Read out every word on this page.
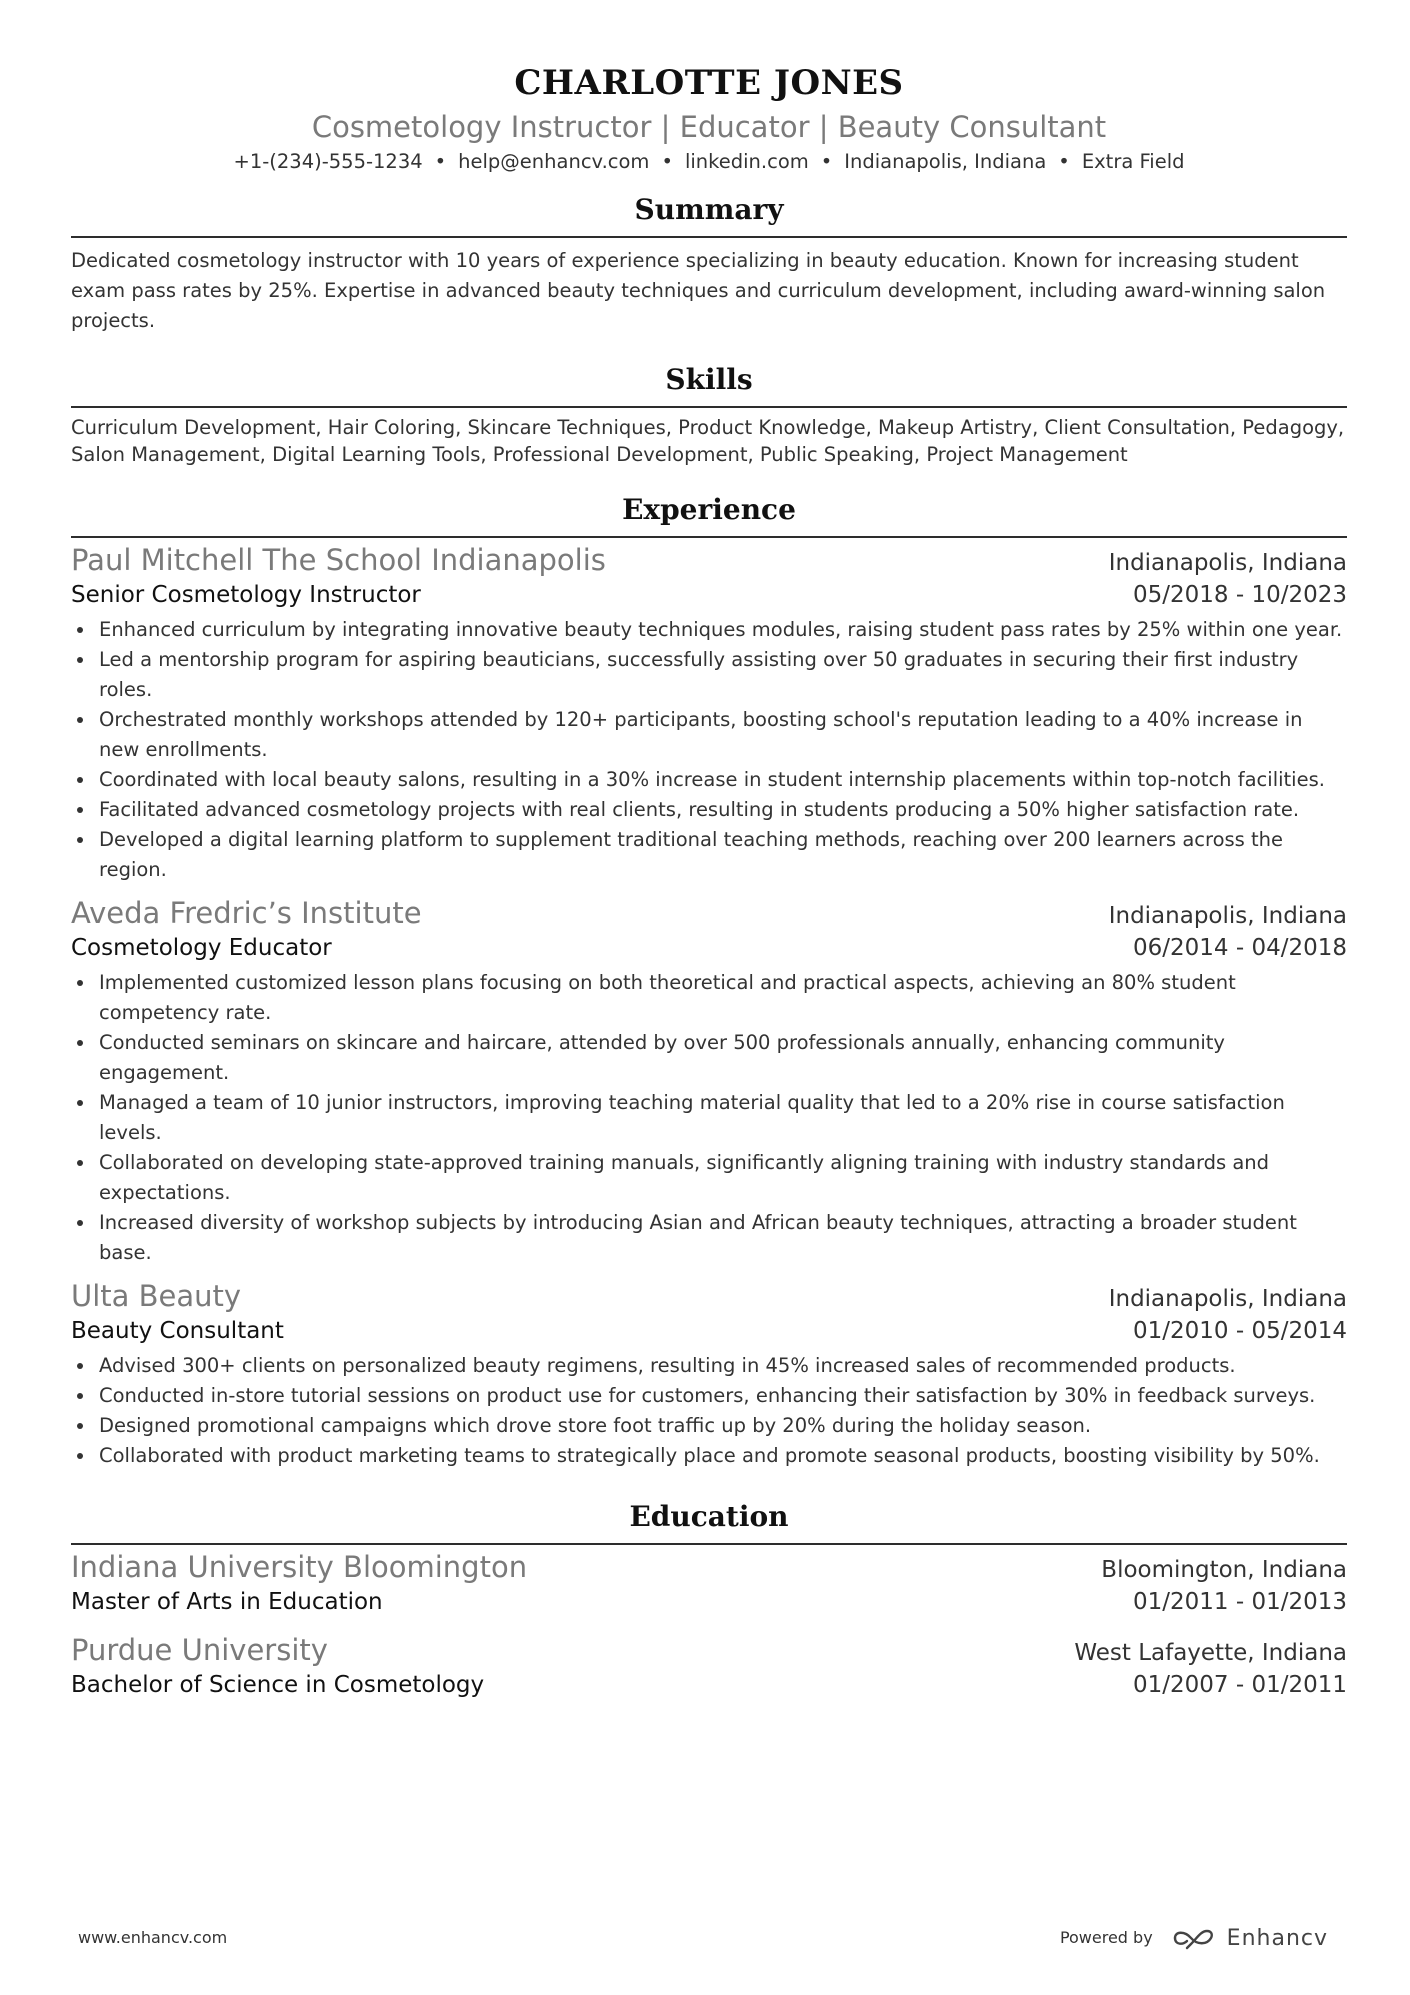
CHARLOTTE JONES
Cosmetology Instructor | Educator | Beauty Consultant
+1-(234)-555-1234 • help@enhancv.com • linkedin.com • Indianapolis, Indiana • Extra Field
Summary
Dedicated cosmetology instructor with 10 years of experience specializing in beauty education. Known for increasing student exam pass rates by 25%. Expertise in advanced beauty techniques and curriculum development, including award-winning salon projects.
Skills
Curriculum Development, Hair Coloring, Skincare Techniques, Product Knowledge, Makeup Artistry, Client Consultation, Pedagogy, Salon Management, Digital Learning Tools, Professional Development, Public Speaking, Project Management
Experience
Paul Mitchell The School Indianapolis	Indianapolis, Indiana
Senior Cosmetology Instructor	05/2018 - 10/2023
Enhanced curriculum by integrating innovative beauty techniques modules, raising student pass rates by 25% within one year.
Led a mentorship program for aspiring beauticians, successfully assisting over 50 graduates in securing their first industry roles.
Orchestrated monthly workshops attended by 120+ participants, boosting school's reputation leading to a 40% increase in new enrollments.
Coordinated with local beauty salons, resulting in a 30% increase in student internship placements within top-notch facilities.
Facilitated advanced cosmetology projects with real clients, resulting in students producing a 50% higher satisfaction rate.
Developed a digital learning platform to supplement traditional teaching methods, reaching over 200 learners across the region.
Aveda Fredric’s Institute	Indianapolis, Indiana
Cosmetology Educator	06/2014 - 04/2018
Implemented customized lesson plans focusing on both theoretical and practical aspects, achieving an 80% student competency rate.
Conducted seminars on skincare and haircare, attended by over 500 professionals annually, enhancing community engagement.
Managed a team of 10 junior instructors, improving teaching material quality that led to a 20% rise in course satisfaction levels.
Collaborated on developing state-approved training manuals, significantly aligning training with industry standards and expectations.
Increased diversity of workshop subjects by introducing Asian and African beauty techniques, attracting a broader student base.
Ulta Beauty	Indianapolis, Indiana
Beauty Consultant	01/2010 - 05/2014
Advised 300+ clients on personalized beauty regimens, resulting in 45% increased sales of recommended products.
Conducted in-store tutorial sessions on product use for customers, enhancing their satisfaction by 30% in feedback surveys.
Designed promotional campaigns which drove store foot traffic up by 20% during the holiday season.
Collaborated with product marketing teams to strategically place and promote seasonal products, boosting visibility by 50%.
Education
Indiana University Bloomington	Bloomington, Indiana
Master of Arts in Education	01/2011 - 01/2013
Purdue University	West Lafayette, Indiana
Bachelor of Science in Cosmetology	01/2007 - 01/2011
www.enhancv.com	Powered by	Enhancv
